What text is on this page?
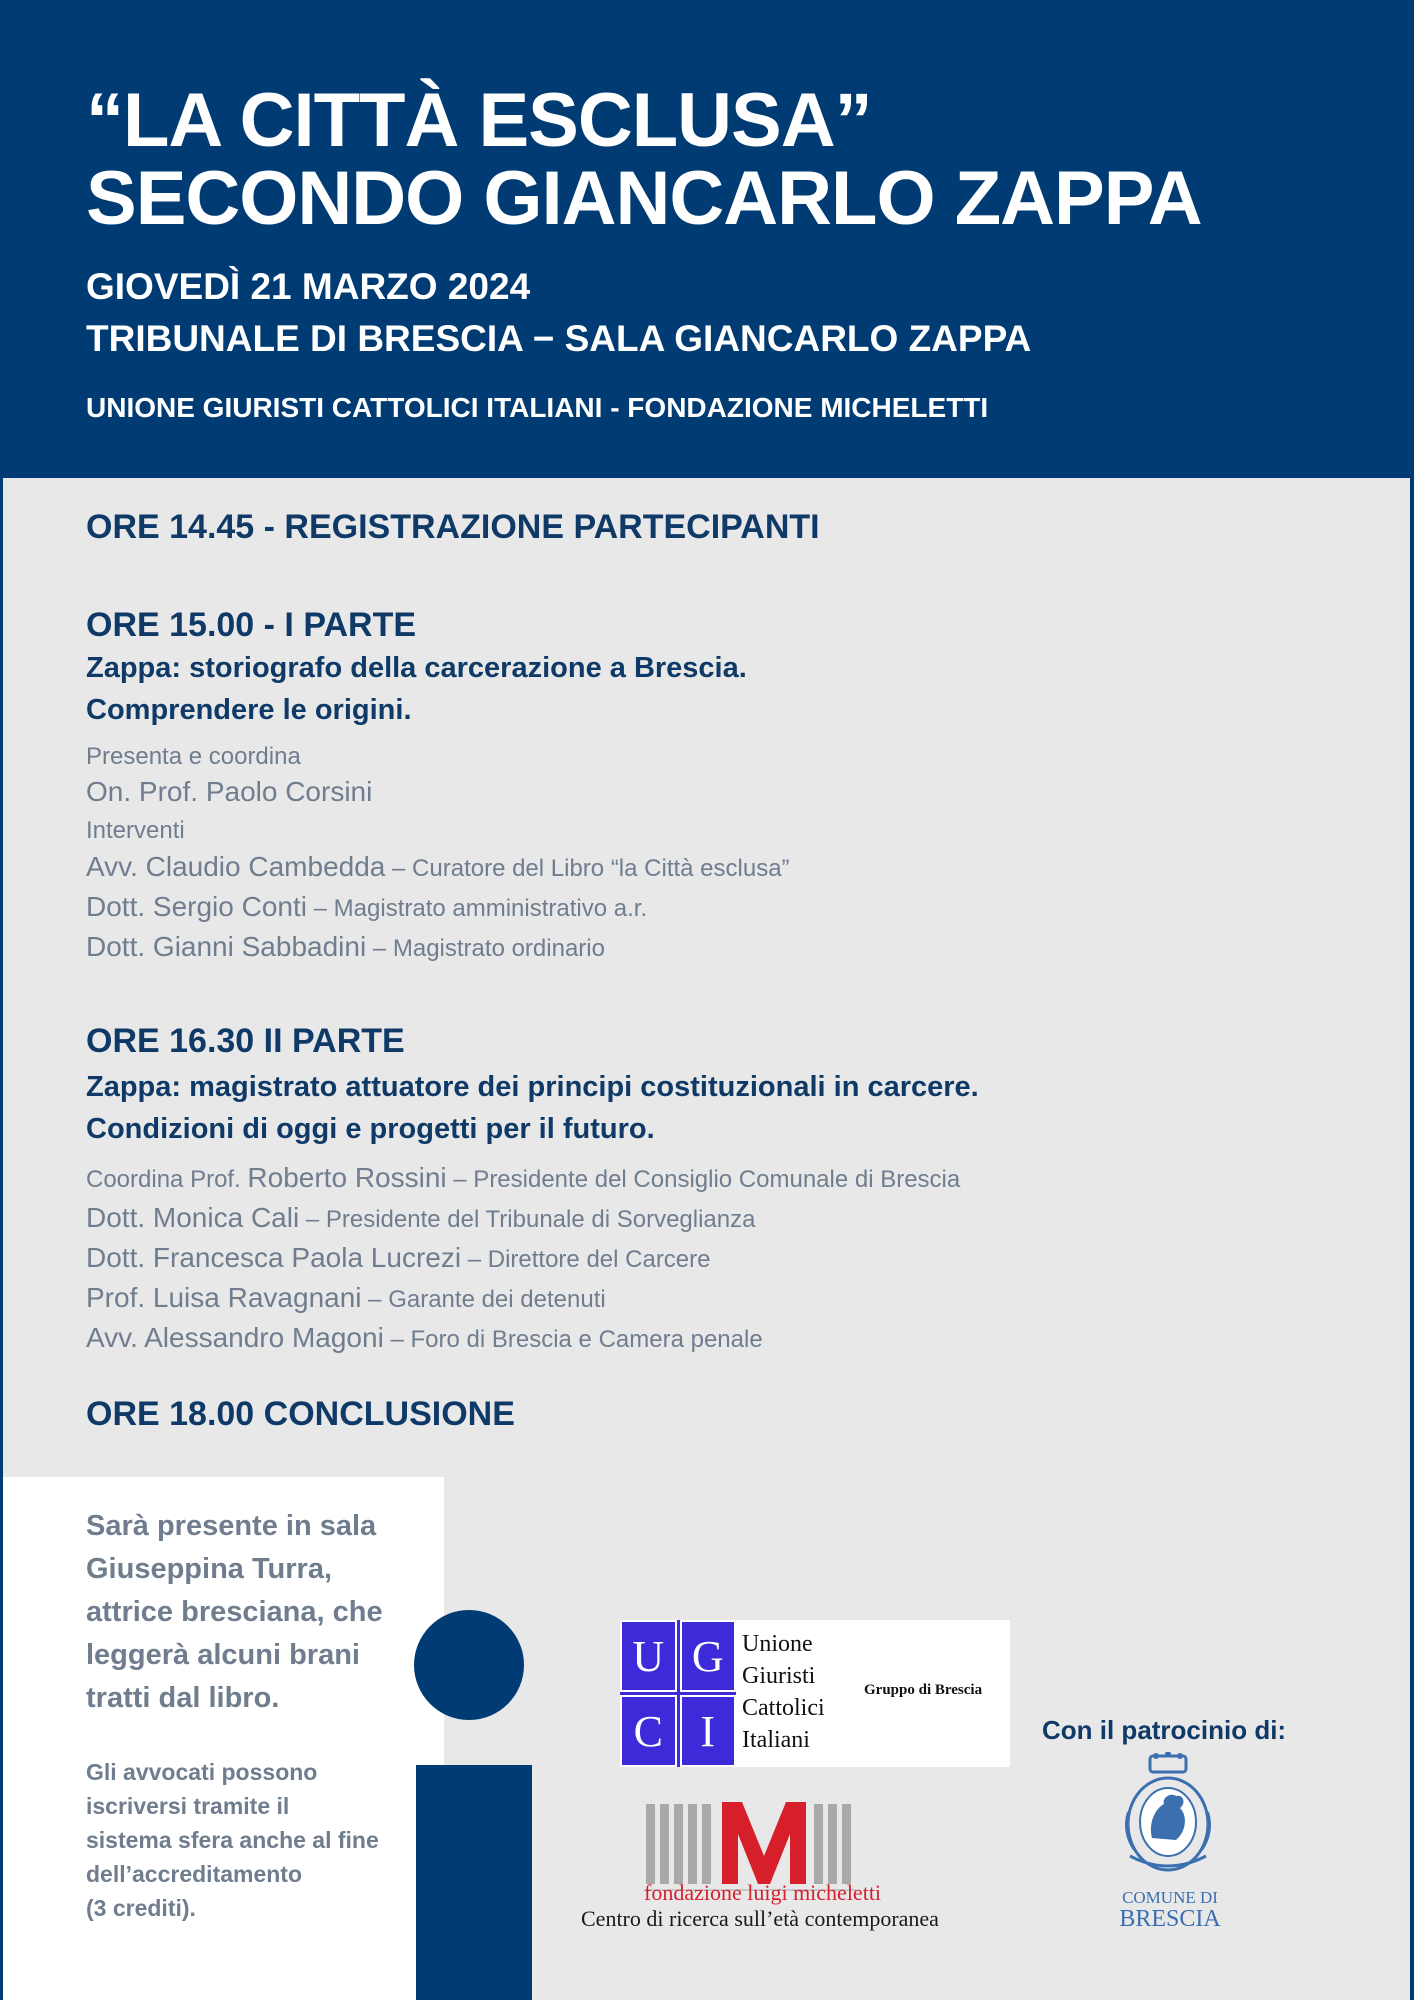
“LA CITTÀ ESCLUSA”
SECONDO GIANCARLO ZAPPA
GIOVEDÌ 21 MARZO 2024
TRIBUNALE DI BRESCIA − SALA GIANCARLO ZAPPA
UNIONE GIURISTI CATTOLICI ITALIANI - FONDAZIONE MICHELETTI
ORE 14.45 - REGISTRAZIONE PARTECIPANTI
ORE 15.00 - I PARTE
Zappa: storiografo della carcerazione a Brescia.
Comprendere le origini.
Presenta e coordina
On. Prof. Paolo Corsini
Interventi
Avv. Claudio Cambedda – Curatore del Libro “la Città esclusa”
Dott. Sergio Conti – Magistrato amministrativo a.r.
Dott. Gianni Sabbadini – Magistrato ordinario
ORE 16.30 II PARTE
Zappa: magistrato attuatore dei principi costituzionali in carcere.
Condizioni di oggi e progetti per il futuro.
Coordina Prof. Roberto Rossini – Presidente del Consiglio Comunale di Brescia
Dott. Monica Cali – Presidente del Tribunale di Sorveglianza
Dott. Francesca Paola Lucrezi – Direttore del Carcere
Prof. Luisa Ravagnani – Garante dei detenuti
Avv. Alessandro Magoni – Foro di Brescia e Camera penale
ORE 18.00 CONCLUSIONE
Sarà presente in sala Giuseppina Turra, attrice bresciana, che leggerà alcuni brani tratti dal libro.
Gli avvocati possono
iscriversi tramite il
sistema sfera anche al fine
dell’accreditamento
(3 crediti).
U G
C I
Unione
Giuristi
Cattolici
Italiani
Gruppo di Brescia
fondazione luigi micheletti
Centro di ricerca sull’età contemporanea
Con il patrocinio di:
COMUNE DI
BRESCIA
